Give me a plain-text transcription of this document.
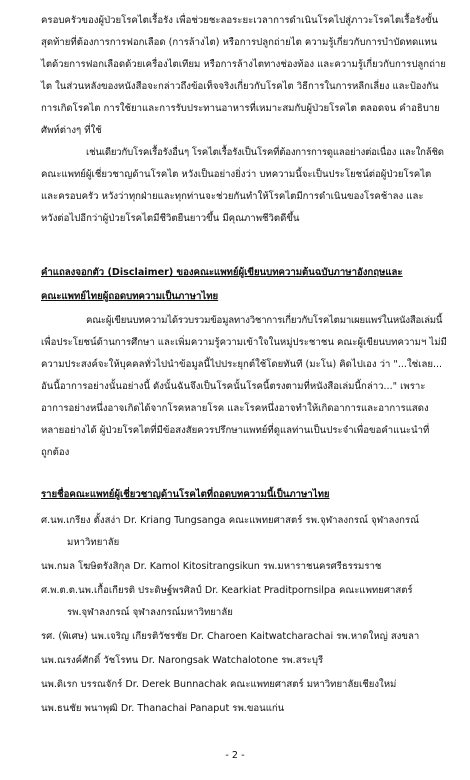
ครอบครัวของผู้ป่วยโรคไตเรื้อรัง เพื่อช่วยชะลอระยะเวลาการดำเนินโรคไปสู่ภาวะโรคไตเรื้อรังขั้น
สุดท้ายที่ต้องการการฟอกเลือด (การล้างไต) หรือการปลูกถ่ายไต ความรู้เกี่ยวกับการบำบัดทดแทน
ไตด้วยการฟอกเลือดด้วยเครื่องไตเทียม หรือการล้างไตทางช่องท้อง และความรู้เกี่ยวกับการปลูกถ่าย
ไต ในส่วนหลังของหนังสือจะกล่าวถึงข้อเท็จจริงเกี่ยวกับโรคไต วิธีการในการหลีกเลี่ยง และป้องกัน
การเกิดโรคไต การใช้ยาและการรับประทานอาหารที่เหมาะสมกับผู้ป่วยโรคไต ตลอดจน คำอธิบาย
ศัพท์ต่างๆ ที่ใช้
เช่นเดียวกับโรคเรื้อรังอื่นๆ โรคไตเรื้อรังเป็นโรคที่ต้องการการดูแลอย่างต่อเนื่อง และใกล้ชิด
คณะแพทย์ผู้เชี่ยวชาญด้านโรคไต หวังเป็นอย่างยิ่งว่า บทความนี้จะเป็นประโยชน์ต่อผู้ป่วยโรคไต
และครอบครัว หวังว่าทุกฝ่ายและทุกท่านจะช่วยกันทำให้โรคไตมีการดำเนินของโรคช้าลง และ
หวังต่อไปอีกว่าผู้ป่วยโรคไตมีชีวิตยืนยาวขึ้น มีคุณภาพชีวิตดีขึ้น
คำแถลงจอกตัว (Disclaimer) ของคณะแพทย์ผู้เขียนบทความต้นฉบับภาษาอังกฤษและ
คณะแพทย์ไทยผู้ถอดบทความเป็นภาษาไทย
คณะผู้เขียนบทความได้รวบรวมข้อมูลทางวิชาการเกี่ยวกับโรคไตมาเผยแพร่ในหนังสือเล่มนี้
เพื่อประโยชน์ด้านการศึกษา และเพิ่มความรู้ความเข้าใจในหมู่ประชาชน คณะผู้เขียนบทความฯ ไม่มี
ความประสงค์จะให้บุคคลทั่วไปนำข้อมูลนี้ไปประยุกต์ใช้โดยทันที (มะโน) คิดไปเอง ว่า "...ใช่เลย...
อันนี้อาการอย่างนั้นอย่างนี้ ดังนั้นฉันจึงเป็นโรคนั้นโรคนี้ตรงตามที่หนังสือเล่มนี้กล่าว..." เพราะ
อาการอย่างหนึ่งอาจเกิดได้จากโรคหลายโรค และโรคหนึ่งอาจทำให้เกิดอาการและอาการแสดง
หลายอย่างได้ ผู้ป่วยโรคไตที่มีข้อสงสัยควรปรึกษาแพทย์ที่ดูแลท่านเป็นประจำเพื่อขอคำแนะนำที่
ถูกต้อง
รายชื่อคณะแพทย์ผู้เชี่ยวชาญด้านโรคไตที่ถอดบทความนี้เป็นภาษาไทย
ศ.นพ.เกรียง ตั้งสง่า Dr. Kriang Tungsanga คณะแพทยศาสตร์ รพ.จุฬาลงกรณ์ จุฬาลงกรณ์
มหาวิทยาลัย
นพ.กมล โฆษิตรังสิกุล Dr. Kamol Kitositrangsikun รพ.มหาราชนครศรีธรรมราช
ศ.พ.ต.ต.นพ.เกื้อเกียรติ ประดิษฐ์พรศิลป์ Dr. Kearkiat Praditpornsilpa คณะแพทยศาสตร์
รพ.จุฬาลงกรณ์ จุฬาลงกรณ์มหาวิทยาลัย
รศ. (พิเศษ) นพ.เจริญ เกียรติวัชรชัย Dr. Charoen Kaitwatcharachai รพ.หาดใหญ่ สงขลา
นพ.ณรงค์ศักดิ์ วัชโรทน Dr. Narongsak Watchalotone รพ.สระบุรี
นพ.ดิเรก บรรณจักร์ Dr. Derek Bunnachak คณะแพทยศาสตร์ มหาวิทยาลัยเชียงใหม่
นพ.ธนชัย พนาพุฒิ Dr. Thanachai Panaput รพ.ขอนแก่น
- 2 -
